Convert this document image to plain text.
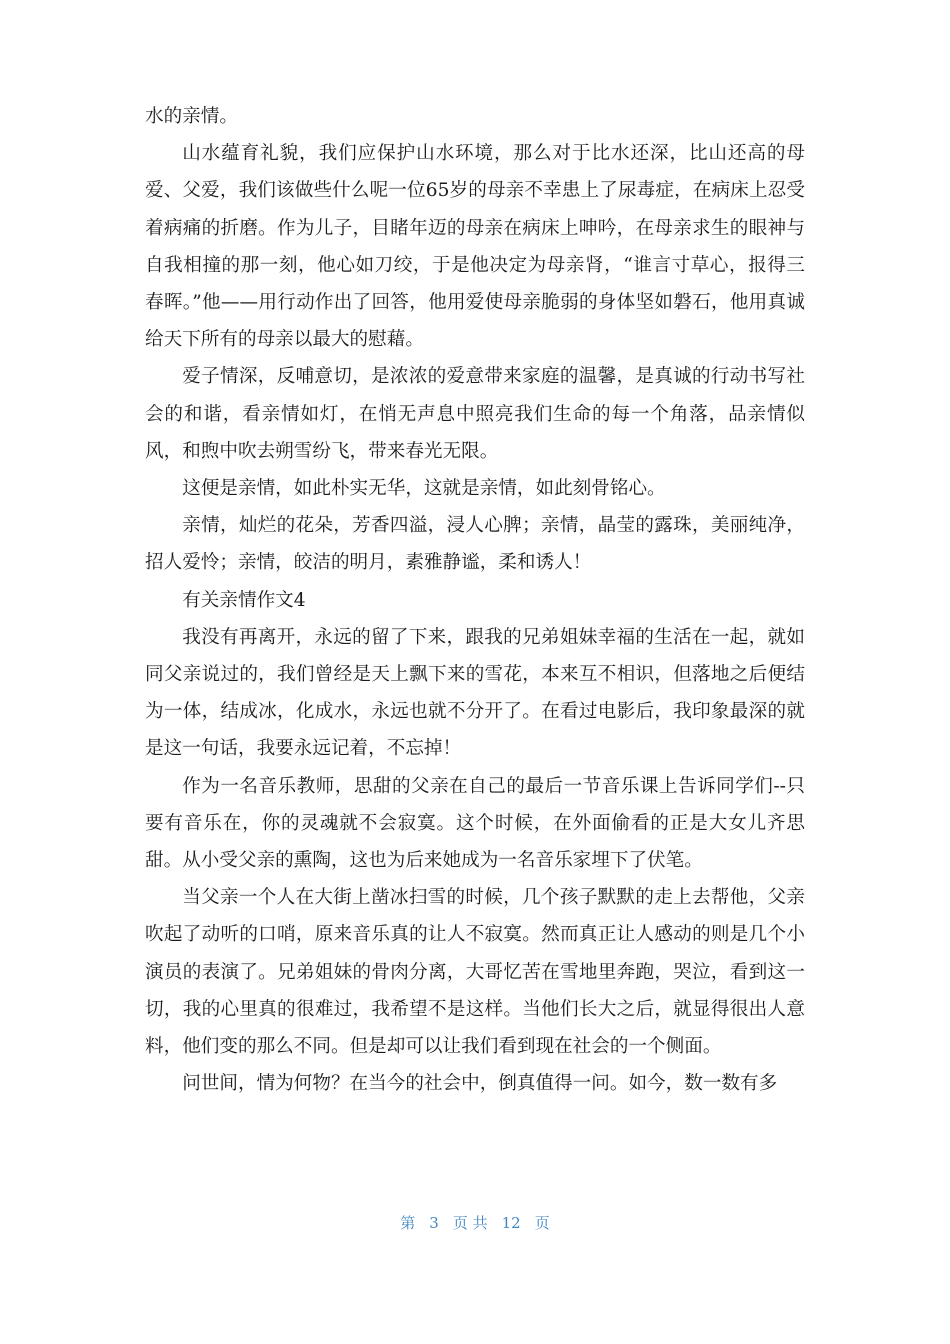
水的亲情。

山水蕴育礼貌，我们应保护山水环境，那么对于比水还深，比山还高的母爱、父爱，我们该做些什么呢一位65岁的母亲不幸患上了尿毒症，在病床上忍受着病痛的折磨。作为儿子，目睹年迈的母亲在病床上呻吟，在母亲求生的眼神与自我相撞的那一刻，他心如刀绞，于是他决定为母亲肾，“谁言寸草心，报得三春晖。”他——用行动作出了回答，他用爱使母亲脆弱的身体坚如磐石，他用真诚给天下所有的母亲以最大的慰藉。

爱子情深，反哺意切，是浓浓的爱意带来家庭的温馨，是真诚的行动书写社会的和谐，看亲情如灯，在悄无声息中照亮我们生命的每一个角落，品亲情似风，和煦中吹去朔雪纷飞，带来春光无限。

这便是亲情，如此朴实无华，这就是亲情，如此刻骨铭心。

亲情，灿烂的花朵，芳香四溢，浸人心脾；亲情，晶莹的露珠，美丽纯净，招人爱怜；亲情，皎洁的明月，素雅静谧，柔和诱人！

有关亲情作文4

我没有再离开，永远的留了下来，跟我的兄弟姐妹幸福的生活在一起，就如同父亲说过的，我们曾经是天上飘下来的雪花，本来互不相识，但落地之后便结为一体，结成冰，化成水，永远也就不分开了。在看过电影后，我印象最深的就是这一句话，我要永远记着，不忘掉！

作为一名音乐教师，思甜的父亲在自己的最后一节音乐课上告诉同学们--只要有音乐在，你的灵魂就不会寂寞。这个时候，在外面偷看的正是大女儿齐思甜。从小受父亲的熏陶，这也为后来她成为一名音乐家埋下了伏笔。

当父亲一个人在大街上凿冰扫雪的时候，几个孩子默默的走上去帮他，父亲吹起了动听的口哨，原来音乐真的让人不寂寞。然而真正让人感动的则是几个小演员的表演了。兄弟姐妹的骨肉分离，大哥忆苦在雪地里奔跑，哭泣，看到这一切，我的心里真的很难过，我希望不是这样。当他们长大之后，就显得很出人意料，他们变的那么不同。但是却可以让我们看到现在社会的一个侧面。

问世间，情为何物？在当今的社会中，倒真值得一问。如今，数一数有多

第 3 页 共 12 页
